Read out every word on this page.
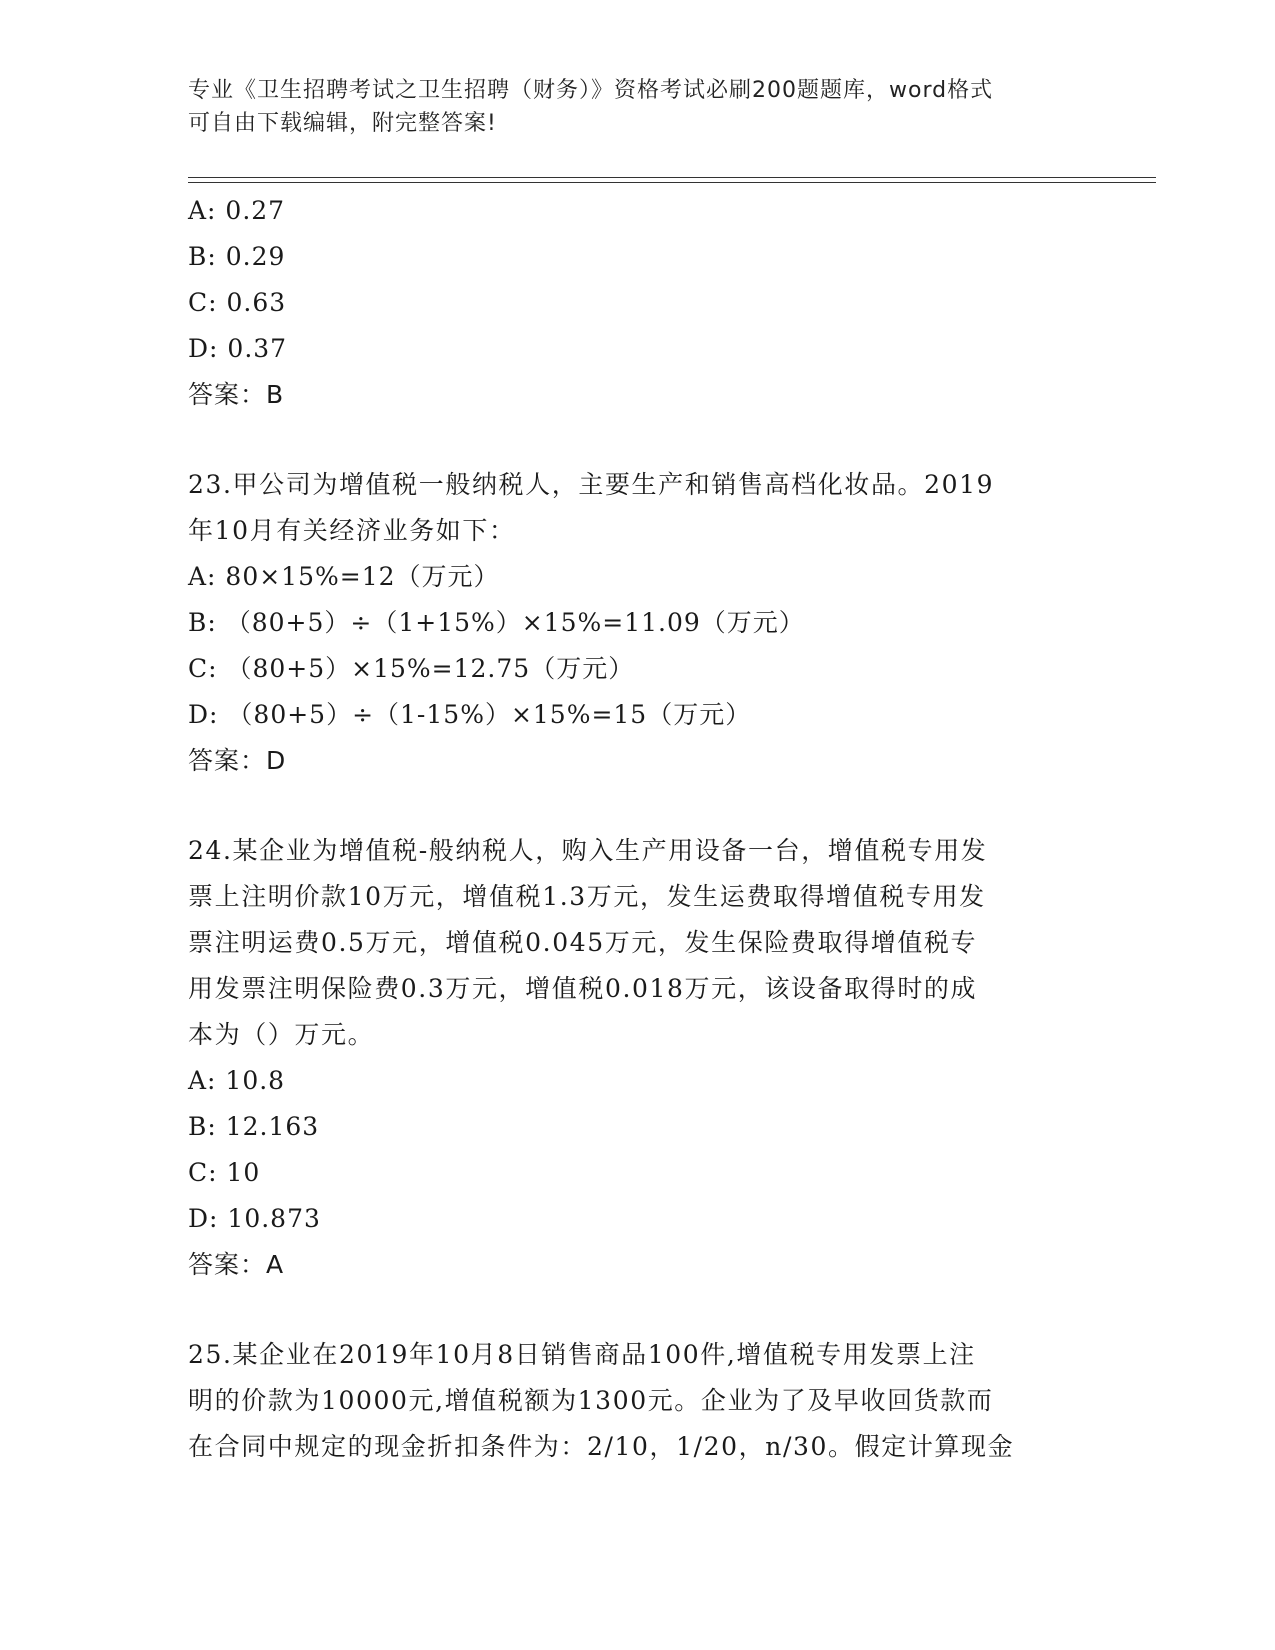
专业《卫生招聘考试之卫生招聘（财务）》资格考试必刷200题题库，word格式
可自由下载编辑，附完整答案!
A: 0.27
B: 0.29
C: 0.63
D: 0.37
答案：B
23.甲公司为增值税一般纳税人，主要生产和销售高档化妆品。2019
年10月有关经济业务如下：
A: 80×15%=12（万元）
B: （80+5）÷（1+15%）×15%=11.09（万元）
C: （80+5）×15%=12.75（万元）
D: （80+5）÷（1-15%）×15%=15（万元）
答案：D
24.某企业为增值税-般纳税人，购入生产用设备一台，增值税专用发
票上注明价款10万元，增值税1.3万元，发生运费取得增值税专用发
票注明运费0.5万元，增值税0.045万元，发生保险费取得增值税专
用发票注明保险费0.3万元，增值税0.018万元，该设备取得时的成
本为（）万元。
A: 10.8
B: 12.163
C: 10
D: 10.873
答案：A
25.某企业在2019年10月8日销售商品100件,增值税专用发票上注
明的价款为10000元,增值税额为1300元。企业为了及早收回货款而
在合同中规定的现金折扣条件为：2/10，1/20，n/30。假定计算现金
